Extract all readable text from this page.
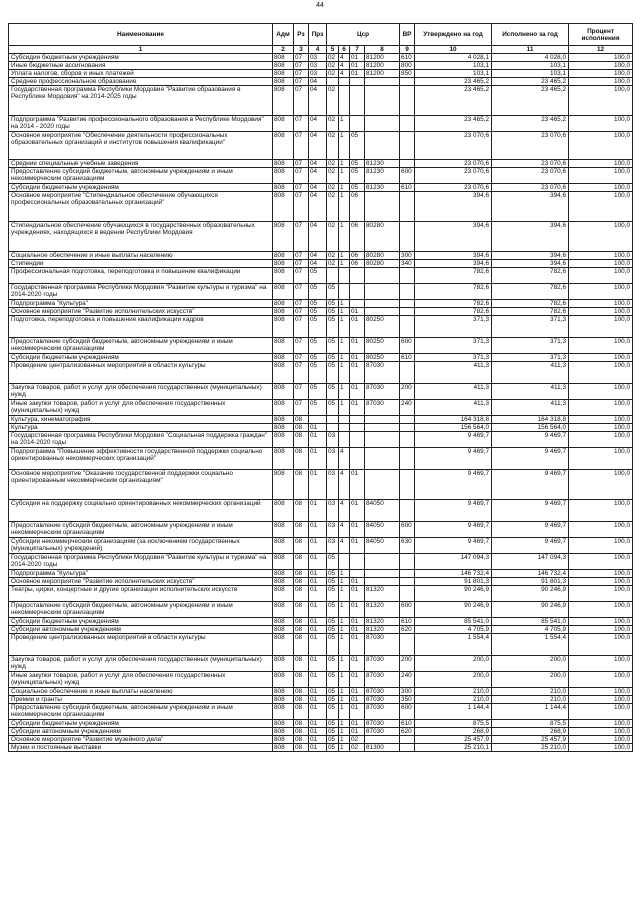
44
Наименование	Адм	Рз	Прз	Цср				ВР	Утверждено на год	Исполнено за год	Процент исполнения
1	2	3	4	5	6	7	8	9	10	11	12
Субсидии бюджетным учреждениям	808	07	03	02	4	01	81200	610	4 028,1	4 028,0	100,0
Иные бюджетные ассигнования	808	07	03	02	4	01	81200	800	103,1	103,1	100,0
Уплата налогов, сборов и иных платежей	808	07	03	02	4	01	81200	850	103,1	103,1	100,0
Среднее профессиональное образование	808	07	04						23 465,2	23 465,2	100,0
Государственная программа Республики Мордовия "Развитие образования в Республике Мордовия" на 2014-2025 годы	808	07	04	02					23 465,2	23 465,2	100,0
Подпрограмма "Развитие профессионального образования в Республике Мордовия" на 2014 - 2020 годы	808	07	04	02	1				23 465,2	23 465,2	100,0
Основное мероприятие "Обеспечение деятельности профессиональных образовательных организаций и институтов повышения квалификации"	808	07	04	02	1	05			23 070,6	23 070,6	100,0
Средние специальные учебные заведения	808	07	04	02	1	05	81230		23 070,6	23 070,6	100,0
Предоставление субсидий бюджетным, автономным учреждениям и иным некоммерческим организациям	808	07	04	02	1	05	81230	600	23 070,6	23 070,6	100,0
Субсидии бюджетным учреждениям	808	07	04	02	1	05	81230	610	23 070,6	23 070,6	100,0
Основное мероприятие "Стипендиальное обеспечение обучающихся профессиональных образовательных организаций"	808	07	04	02	1	06			394,6	394,6	100,0
Стипендиальное обеспечение обучающихся в государственных образовательных учреждениях, находящихся в ведении Республики Мордовия	808	07	04	02	1	06	80280		394,6	394,6	100,0
Социальное обеспечение и иные выплаты населению	808	07	04	02	1	06	80280	300	394,6	394,6	100,0
Стипендии	808	07	04	02	1	06	80280	340	394,6	394,6	100,0
Профессиональная подготовка, переподготовка и повышение квалификации	808	07	05						782,6	782,6	100,0
Государственная программа Республики Мордовия "Развитие культуры и туризма" на 2014-2020 годы	808	07	05	05					782,6	782,6	100,0
Подпрограмма "Культура"	808	07	05	05	1				782,6	782,6	100,0
Основное мероприятие "Развитие исполнительских искусств"	808	07	05	05	1	01			782,6	782,6	100,0
Подготовка, переподготовка и повышение квалификации кадров	808	07	05	05	1	01	80250		371,3	371,3	100,0
Предоставление субсидий бюджетным, автономным учреждениям и иным некоммерческим организациям	808	07	05	05	1	01	80250	600	371,3	371,3	100,0
Субсидии бюджетным учреждениям	808	07	05	05	1	01	80250	610	371,3	371,3	100,0
Проведение централизованных мероприятий в области культуры	808	07	05	05	1	01	87030		411,3	411,3	100,0
Закупка товаров, работ и услуг для обеспечения государственных (муниципальных) нужд	808	07	05	05	1	01	87030	200	411,3	411,3	100,0
Иные закупки товаров, работ и услуг для обеспечения государственных (муниципальных) нужд	808	07	05	05	1	01	87030	240	411,3	411,3	100,0
Культура, кинематография	808	08							164 318,8	164 318,8	100,0
Культура	808	08	01						156 564,0	156 564,0	100,0
Государственная программа Республики Мордовия "Социальная поддержка граждан" на 2014-2020 годы	808	08	01	03					9 469,7	9 469,7	100,0
Подпрограмма "Повышение эффективности государственной поддержки социально ориентированных некоммерческих организаций"	808	08	01	03	4				9 469,7	9 469,7	100,0
Основное мероприятие "Оказание государственной поддержки социально ориентированным некоммерческим организациям"	808	08	01	03	4	01			9 469,7	9 469,7	100,0
Субсидии на поддержку социально ориентированных некоммерческих организаций	808	08	01	03	4	01	84050		9 469,7	9 469,7	100,0
Предоставление субсидий бюджетным, автономным учреждениям и иным некоммерческим организациям	808	08	01	03	4	01	84050	600	9 469,7	9 469,7	100,0
Субсидии некоммерческим организациям (за исключением государственных (муниципальных) учреждений)	808	08	01	03	4	01	84050	630	9 469,7	9 469,7	100,0
Государственная программа Республики Мордовия "Развитие культуры и туризма" на 2014-2020 годы	808	08	01	05					147 094,3	147 094,3	100,0
Подпрограмма "Культура"	808	08	01	05	1				146 732,4	146 732,4	100,0
Основное мероприятие "Развитие исполнительских искусств"	808	08	01	05	1	01			91 801,3	91 801,3	100,0
Театры, цирки, концертные и другие организации исполнительских искусств	808	08	01	05	1	01	81320		90 246,9	90 246,9	100,0
Предоставление субсидий бюджетным, автономным учреждениям и иным некоммерческим организациям	808	08	01	05	1	01	81320	600	90 246,9	90 246,9	100,0
Субсидии бюджетным учреждениям	808	08	01	05	1	01	81320	610	85 541,0	85 541,0	100,0
Субсидии автономным учреждениям	808	08	01	05	1	01	81320	620	4 705,9	4 705,9	100,0
Проведение централизованных мероприятий в области культуры	808	08	01	05	1	01	87030		1 554,4	1 554,4	100,0
Закупка товаров, работ и услуг для обеспечения государственных (муниципальных) нужд	808	08	01	05	1	01	87030	200	200,0	200,0	100,0
Иные закупки товаров, работ и услуг для обеспечения государственных (муниципальных) нужд	808	08	01	05	1	01	87030	240	200,0	200,0	100,0
Социальное обеспечение и иные выплаты населению	808	08	01	05	1	01	87030	300	210,0	210,0	100,0
Премии и гранты	808	08	01	05	1	01	87030	350	210,0	210,0	100,0
Предоставление субсидий бюджетным, автономным учреждениям и иным некоммерческим организациям	808	08	01	05	1	01	87030	600	1 144,4	1 144,4	100,0
Субсидии бюджетным учреждениям	808	08	01	05	1	01	87030	610	875,5	875,5	100,0
Субсидии автономным учреждениям	808	08	01	05	1	01	87030	620	268,9	268,9	100,0
Основное мероприятие "Развитие музейного дела"	808	08	01	05	1	02			25 457,9	25 457,9	100,0
Музеи и постоянные выставки	808	08	01	05	1	02	81300		25 210,1	25 210,0	100,0
